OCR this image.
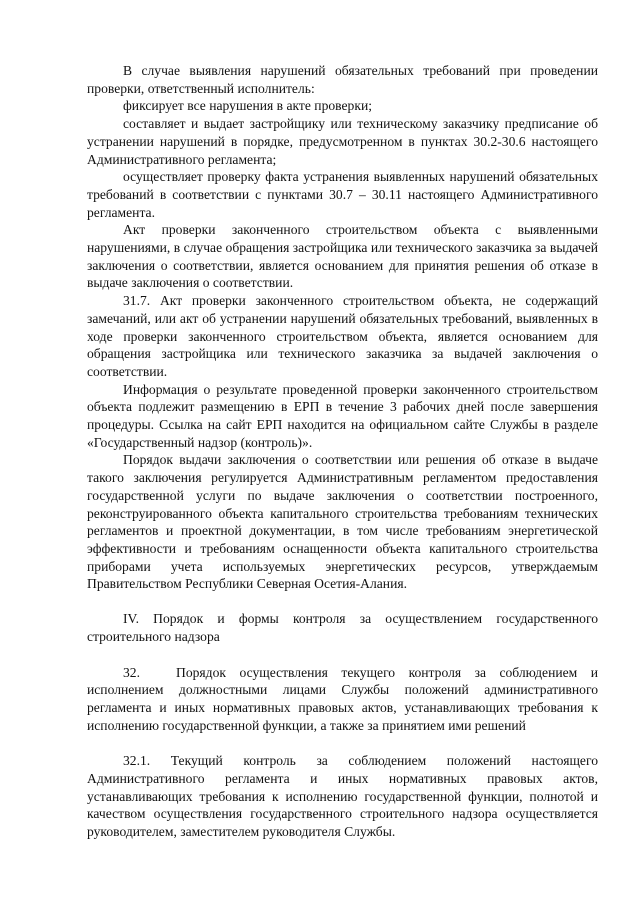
В случае выявления нарушений обязательных требований при проведении проверки, ответственный исполнитель:

фиксирует все нарушения в акте проверки;

составляет и выдает застройщику или техническому заказчику предписание об устранении нарушений в порядке, предусмотренном в пунктах 30.2-30.6 настоящего Административного регламента;

осуществляет проверку факта устранения выявленных нарушений обязательных требований в соответствии с пунктами 30.7 – 30.11 настоящего Административного регламента.

Акт проверки законченного строительством объекта с выявленными нарушениями, в случае обращения застройщика или технического заказчика за выдачей заключения о соответствии, является основанием для принятия решения об отказе в выдаче заключения о соответствии.

31.7. Акт проверки законченного строительством объекта, не содержащий замечаний, или акт об устранении нарушений обязательных требований, выявленных в ходе проверки законченного строительством объекта, является основанием для обращения застройщика или технического заказчика за выдачей заключения о соответствии.

Информация о результате проведенной проверки законченного строительством объекта подлежит размещению в ЕРП в течение 3 рабочих дней после завершения процедуры. Ссылка на сайт ЕРП находится на официальном сайте Службы в разделе «Государственный надзор (контроль)».

Порядок выдачи заключения о соответствии или решения об отказе в выдаче такого заключения регулируется Административным регламентом предоставления государственной услуги по выдаче заключения о соответствии построенного, реконструированного объекта капитального строительства требованиям технических регламентов и проектной документации, в том числе требованиям энергетической эффективности и требованиям оснащенности объекта капитального строительства приборами учета используемых энергетических ресурсов, утверждаемым Правительством Республики Северная Осетия-Алания.

IV. Порядок и формы контроля за осуществлением государственного строительного надзора

32.	Порядок осуществления текущего контроля за соблюдением и исполнением должностными лицами Службы положений административного регламента и иных нормативных правовых актов, устанавливающих требования к исполнению государственной функции, а также за принятием ими решений

32.1. Текущий контроль за соблюдением положений настоящего Административного регламента и иных нормативных правовых актов, устанавливающих требования к исполнению государственной функции, полнотой и качеством осуществления государственного строительного надзора осуществляется руководителем, заместителем руководителя Службы.
